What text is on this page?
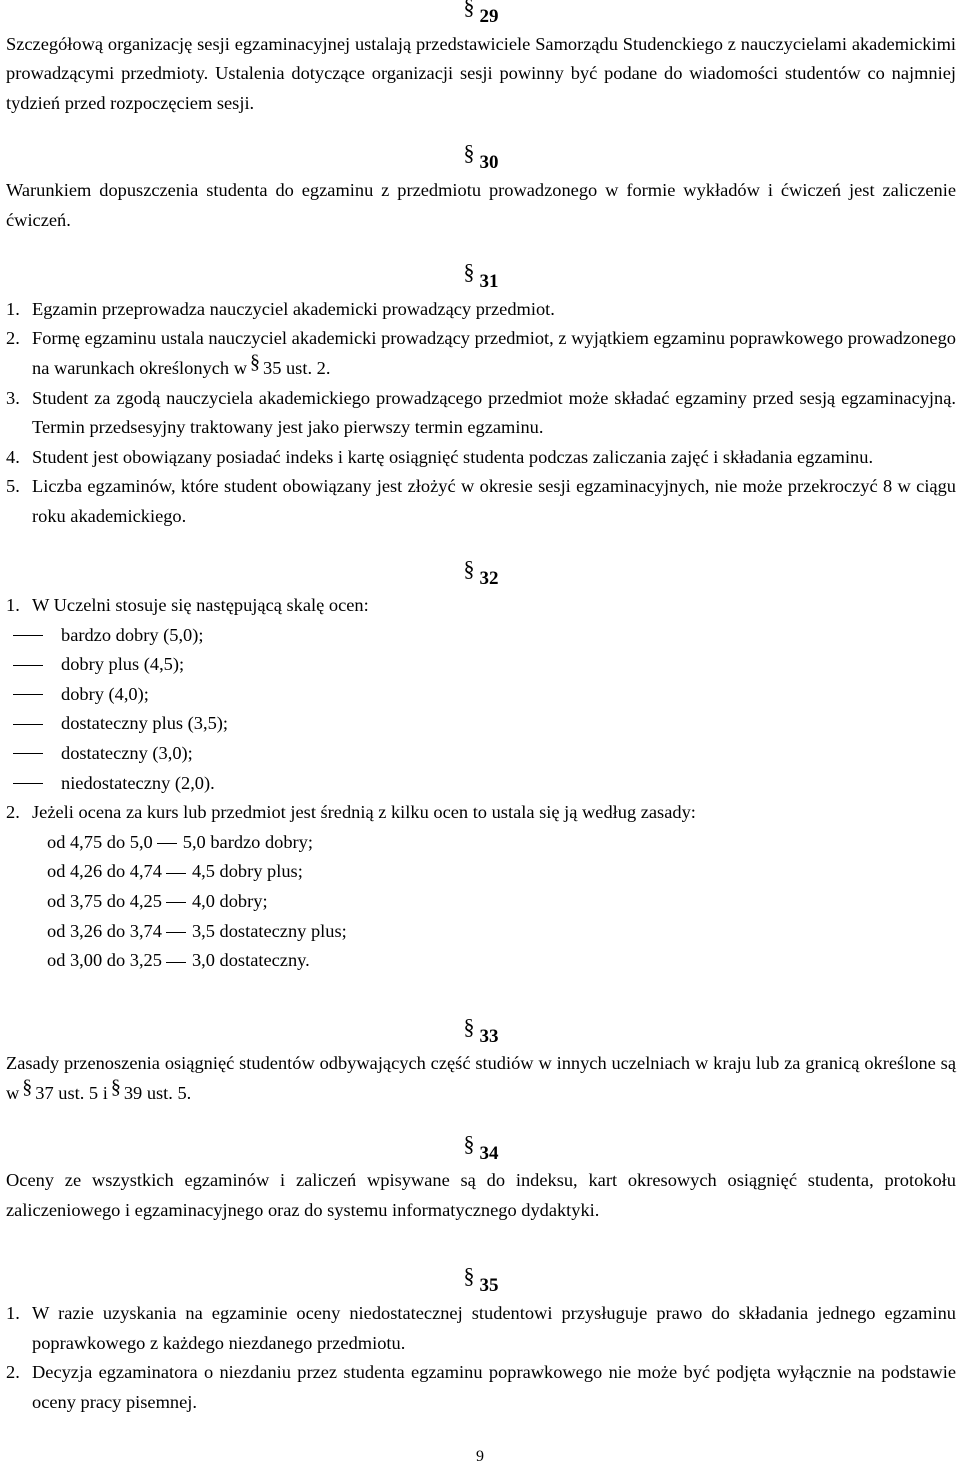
§ 29
Szczegółową organizację sesji egzaminacyjnej ustalają przedstawiciele Samorządu Studenckiego z nauczycielami akademickimi prowadzącymi przedmioty. Ustalenia dotyczące organizacji sesji powinny być podane do wiadomości studentów co najmniej tydzień przed rozpoczęciem sesji.
§ 30
Warunkiem dopuszczenia studenta do egzaminu z przedmiotu prowadzonego w formie wykładów i ćwiczeń jest zaliczenie ćwiczeń.
§ 31
1. Egzamin przeprowadza nauczyciel akademicki prowadzący przedmiot.
2. Formę egzaminu ustala nauczyciel akademicki prowadzący przedmiot, z wyjątkiem egzaminu poprawkowego prowadzonego na warunkach określonych w § 35 ust. 2.
3. Student za zgodą nauczyciela akademickiego prowadzącego przedmiot może składać egzaminy przed sesją egzaminacyjną. Termin przedsesyjny traktowany jest jako pierwszy termin egzaminu.
4. Student jest obowiązany posiadać indeks i kartę osiągnięć studenta podczas zaliczania zajęć i składania egzaminu.
5. Liczba egzaminów, które student obowiązany jest złożyć w okresie sesji egzaminacyjnych, nie może przekroczyć 8 w ciągu roku akademickiego.
§ 32
1. W Uczelni stosuje się następującą skalę ocen:
bardzo dobry (5,0);
dobry plus (4,5);
dobry (4,0);
dostateczny plus (3,5);
dostateczny (3,0);
niedostateczny (2,0).
2. Jeżeli ocena za kurs lub przedmiot jest średnią z kilku ocen to ustala się ją według zasady:
od 4,75 do 5,0 5,0 bardzo dobry;
od 4,26 do 4,74 4,5 dobry plus;
od 3,75 do 4,25 4,0 dobry;
od 3,26 do 3,74 3,5 dostateczny plus;
od 3,00 do 3,25 3,0 dostateczny.
§ 33
Zasady przenoszenia osiągnięć studentów odbywających część studiów w innych uczelniach w kraju lub za granicą określone są w § 37 ust. 5 i § 39 ust. 5.
§ 34
Oceny ze wszystkich egzaminów i zaliczeń wpisywane są do indeksu, kart okresowych osiągnięć studenta, protokołu zaliczeniowego i egzaminacyjnego oraz do systemu informatycznego dydaktyki.
§ 35
1. W razie uzyskania na egzaminie oceny niedostatecznej studentowi przysługuje prawo do składania jednego egzaminu poprawkowego z każdego niezdanego przedmiotu.
2. Decyzja egzaminatora o niezdaniu przez studenta egzaminu poprawkowego nie może być podjęta wyłącznie na podstawie oceny pracy pisemnej.
9
